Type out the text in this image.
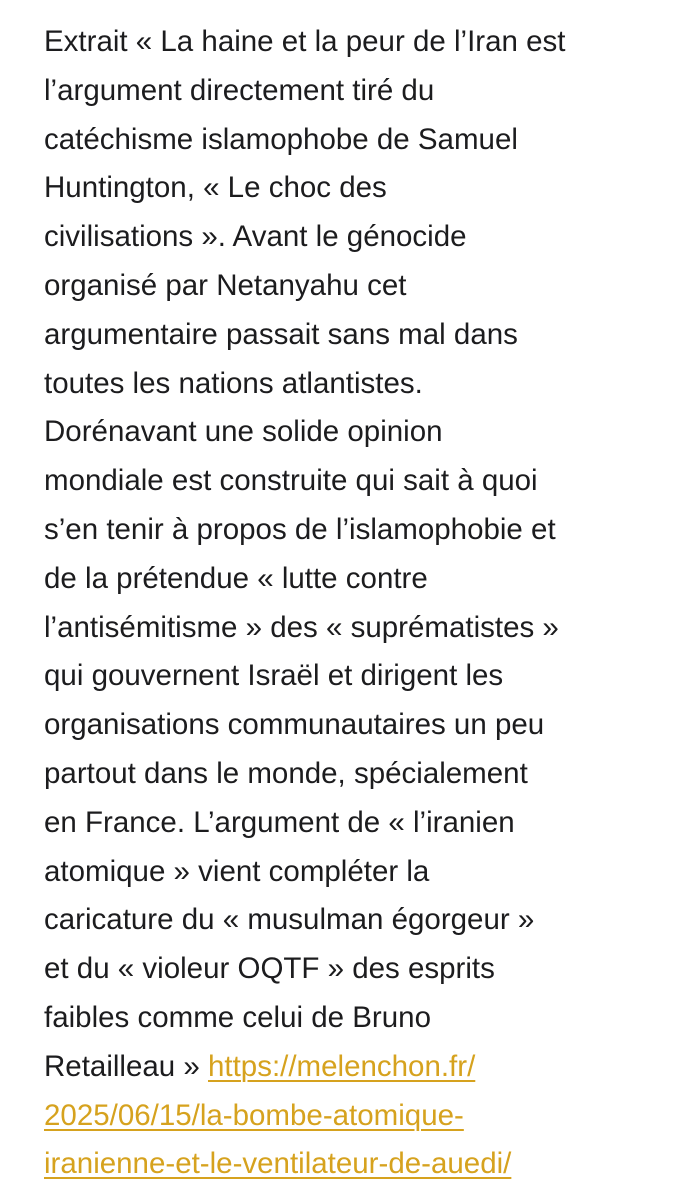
Extrait « La haine et la peur de l’Iran est
l’argument directement tiré du
catéchisme islamophobe de Samuel
Huntington, « Le choc des
civilisations ». Avant le génocide
organisé par Netanyahu cet
argumentaire passait sans mal dans
toutes les nations atlantistes.
Dorénavant une solide opinion
mondiale est construite qui sait à quoi
s’en tenir à propos de l’islamophobie et
de la prétendue « lutte contre
l’antisémitisme » des « suprématistes »
qui gouvernent Israël et dirigent les
organisations communautaires un peu
partout dans le monde, spécialement
en France. L’argument de « l’iranien
atomique » vient compléter la
caricature du « musulman égorgeur »
et du « violeur OQTF » des esprits
faibles comme celui de Bruno
Retailleau » https://melenchon.fr/
2025/06/15/la-bombe-atomique-
iranienne-et-le-ventilateur-de-auedi/
